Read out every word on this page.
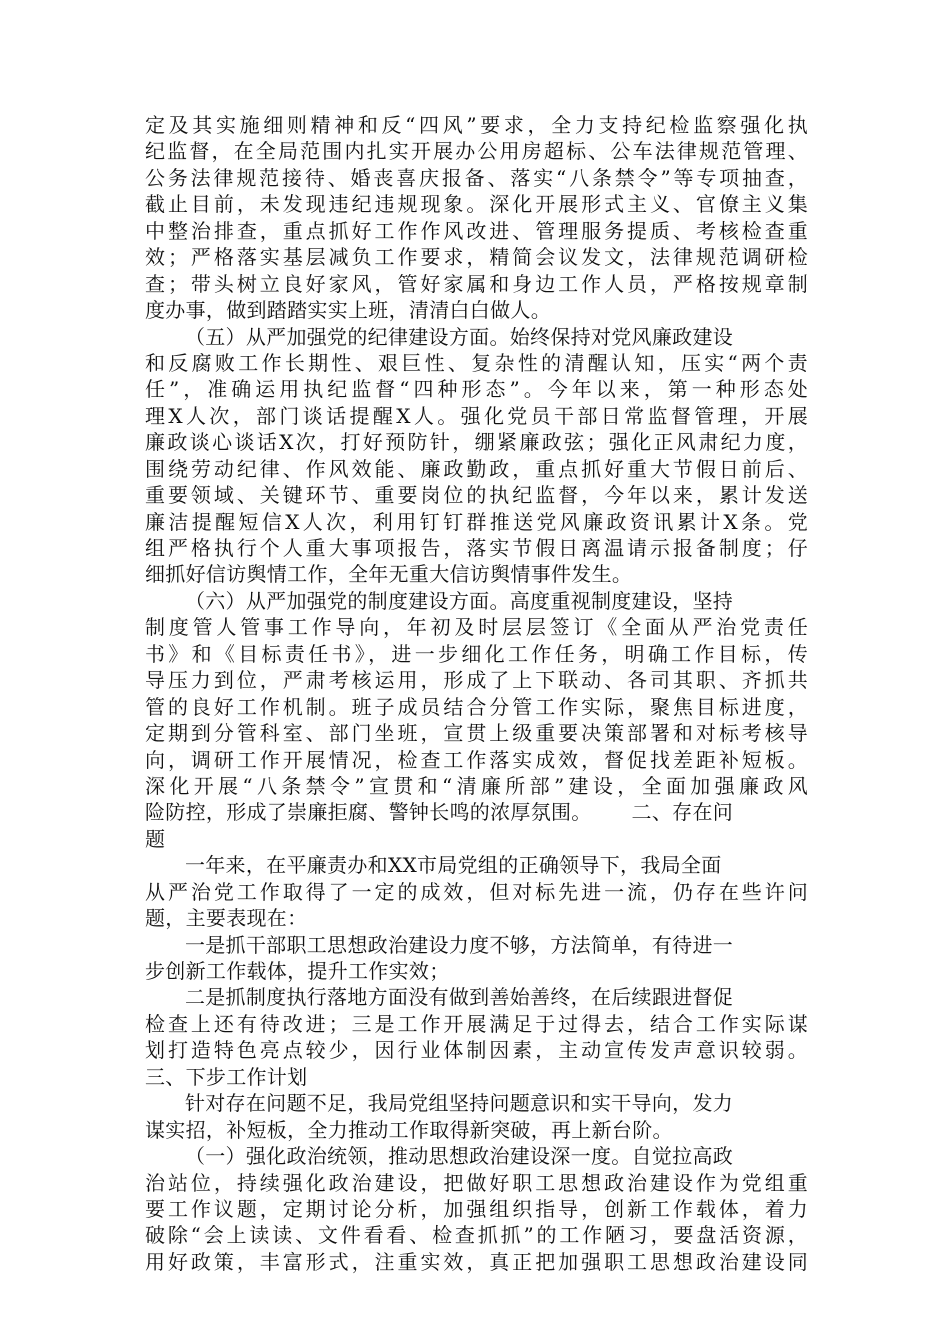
定及其实施细则精神和反“四风”要求，全力支持纪检监察强化执
纪监督，在全局范围内扎实开展办公用房超标、公车法律规范管理、
公务法律规范接待、婚丧喜庆报备、落实“八条禁令”等专项抽查，
截止目前，未发现违纪违规现象。深化开展形式主义、官僚主义集
中整治排查，重点抓好工作作风改进、管理服务提质、考核检查重
效；严格落实基层减负工作要求，精简会议发文，法律规范调研检
查；带头树立良好家风，管好家属和身边工作人员，严格按规章制
度办事，做到踏踏实实上班，清清白白做人。
（五）从严加强党的纪律建设方面。始终保持对党风廉政建设
和反腐败工作长期性、艰巨性、复杂性的清醒认知，压实“两个责
任”，准确运用执纪监督“四种形态”。今年以来，第一种形态处
理X人次，部门谈话提醒X人。强化党员干部日常监督管理，开展
廉政谈心谈话X次，打好预防针，绷紧廉政弦；强化正风肃纪力度，
围绕劳动纪律、作风效能、廉政勤政，重点抓好重大节假日前后、
重要领域、关键环节、重要岗位的执纪监督，今年以来，累计发送
廉洁提醒短信X人次，利用钉钉群推送党风廉政资讯累计X条。党
组严格执行个人重大事项报告，落实节假日离温请示报备制度；仔
细抓好信访舆情工作，全年无重大信访舆情事件发生。
（六）从严加强党的制度建设方面。高度重视制度建设，坚持
制度管人管事工作导向，年初及时层层签订《全面从严治党责任
书》和《目标责任书》，进一步细化工作任务，明确工作目标，传
导压力到位，严肃考核运用，形成了上下联动、各司其职、齐抓共
管的良好工作机制。班子成员结合分管工作实际，聚焦目标进度，
定期到分管科室、部门坐班，宣贯上级重要决策部署和对标考核导
向，调研工作开展情况，检查工作落实成效，督促找差距补短板。
深化开展“八条禁令”宣贯和“清廉所部”建设，全面加强廉政风
险防控，形成了崇廉拒腐、警钟长鸣的浓厚氛围。      二、存在问
题
一年来，在平廉责办和XX市局党组的正确领导下，我局全面
从严治党工作取得了一定的成效，但对标先进一流，仍存在些许问
题，主要表现在：
一是抓干部职工思想政治建设力度不够，方法简单，有待进一
步创新工作载体，提升工作实效；
二是抓制度执行落地方面没有做到善始善终，在后续跟进督促
检查上还有待改进；三是工作开展满足于过得去，结合工作实际谋
划打造特色亮点较少，因行业体制因素，主动宣传发声意识较弱。
三、下步工作计划
针对存在问题不足，我局党组坚持问题意识和实干导向，发力
谋实招，补短板，全力推动工作取得新突破，再上新台阶。
（一）强化政治统领，推动思想政治建设深一度。自觉拉高政
治站位，持续强化政治建设，把做好职工思想政治建设作为党组重
要工作议题，定期讨论分析，加强组织指导，创新工作载体，着力
破除“会上读读、文件看看、检查抓抓”的工作陋习，要盘活资源，
用好政策，丰富形式，注重实效，真正把加强职工思想政治建设同
